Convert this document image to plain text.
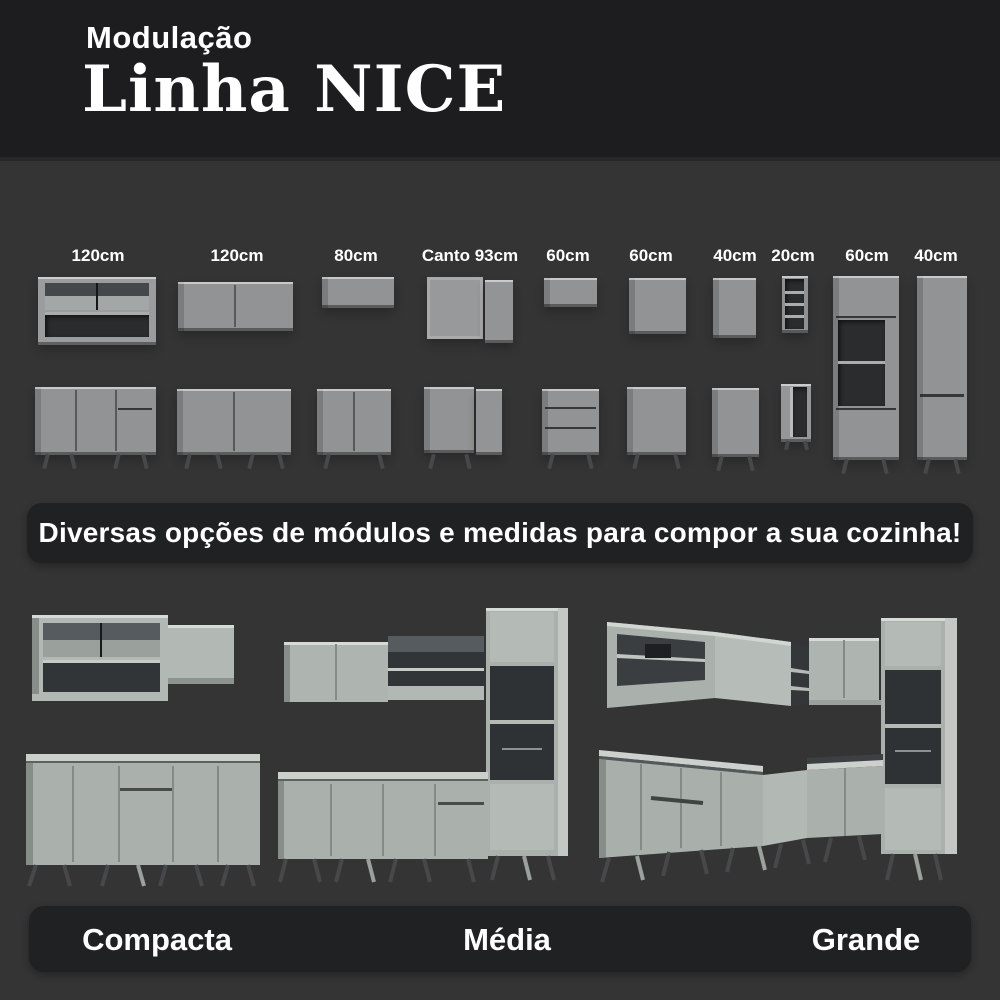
Modulação
Linha NICE
120cm	120cm	80cm	Canto 93cm 60cm 60cm 40cm 20cm 60cm 40cm
Diversas opções de módulos e medidas para compor a sua cozinha!
Compacta	Média	Grande
